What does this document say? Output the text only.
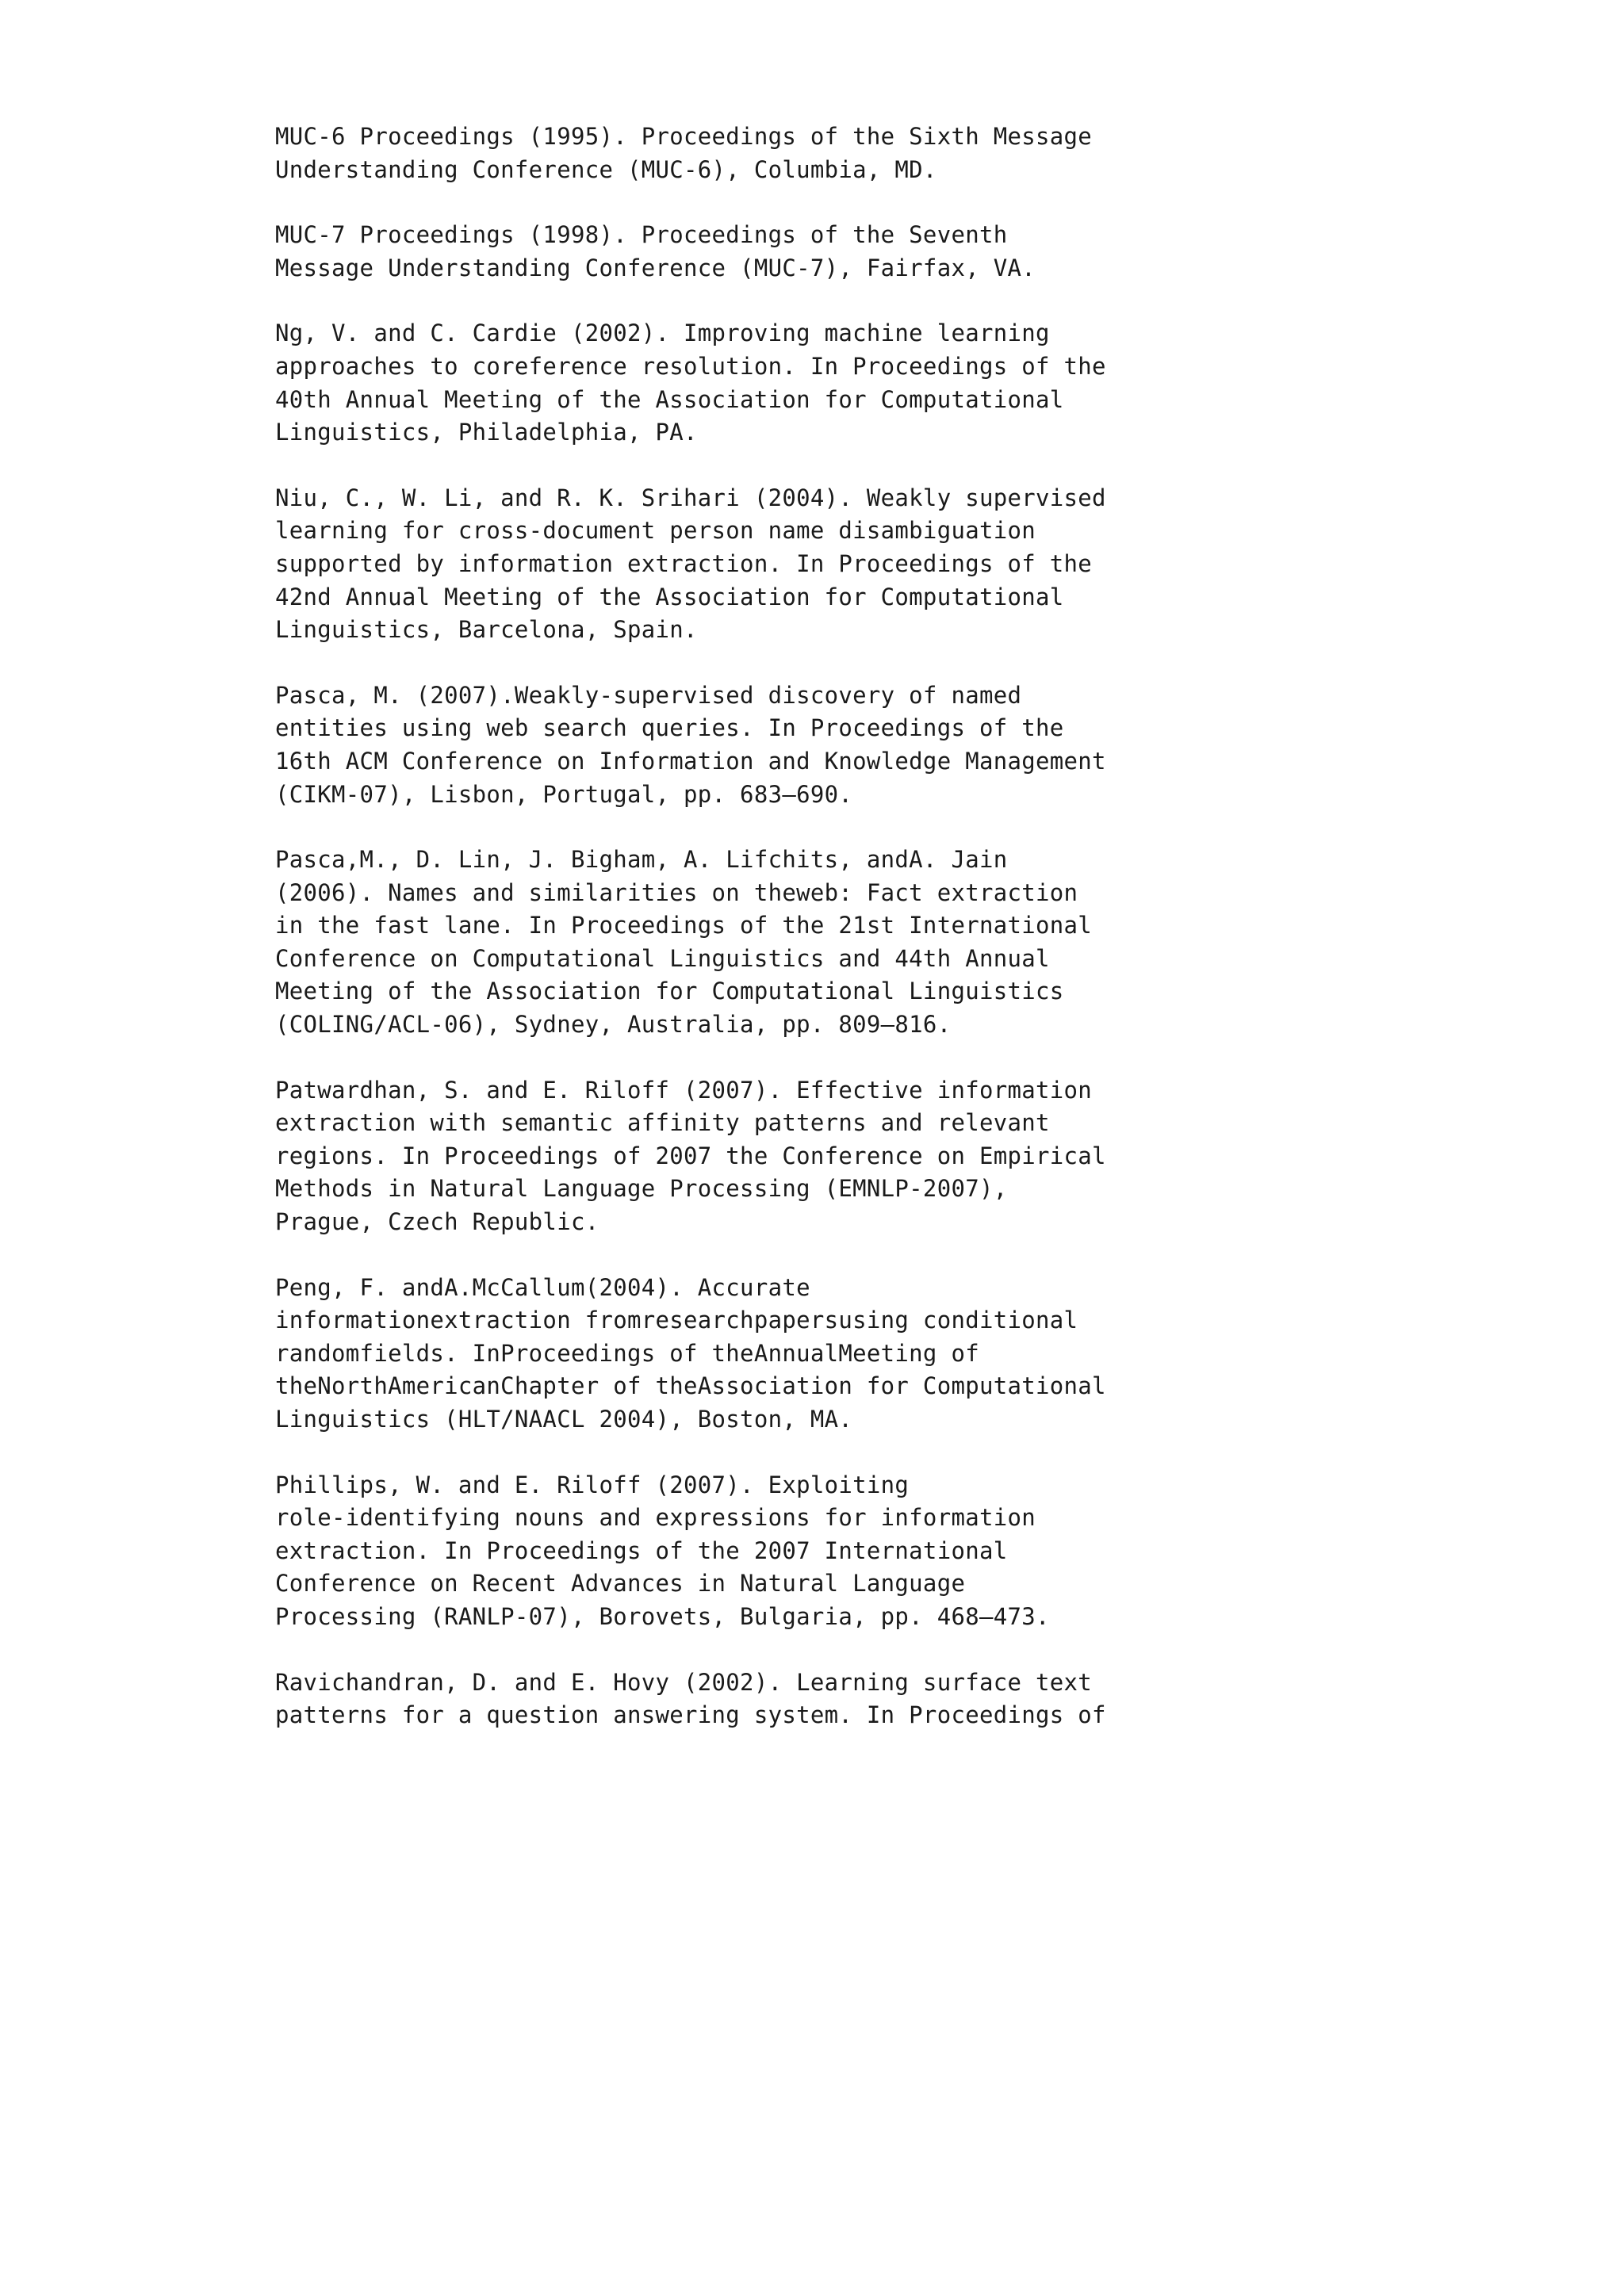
MUC-6 Proceedings (1995). Proceedings of the Sixth Message
Understanding Conference (MUC-6), Columbia, MD.
MUC-7 Proceedings (1998). Proceedings of the Seventh
Message Understanding Conference (MUC-7), Fairfax, VA.
Ng, V. and C. Cardie (2002). Improving machine learning
approaches to coreference resolution. In Proceedings of the
40th Annual Meeting of the Association for Computational
Linguistics, Philadelphia, PA.
Niu, C., W. Li, and R. K. Srihari (2004). Weakly supervised
learning for cross-document person name disambiguation
supported by information extraction. In Proceedings of the
42nd Annual Meeting of the Association for Computational
Linguistics, Barcelona, Spain.
Pasca, M. (2007).Weakly-supervised discovery of named
entities using web search queries. In Proceedings of the
16th ACM Conference on Information and Knowledge Management
(CIKM-07), Lisbon, Portugal, pp. 683–690.
Pasca,M., D. Lin, J. Bigham, A. Lifchits, andA. Jain
(2006). Names and similarities on theweb: Fact extraction
in the fast lane. In Proceedings of the 21st International
Conference on Computational Linguistics and 44th Annual
Meeting of the Association for Computational Linguistics
(COLING/ACL-06), Sydney, Australia, pp. 809–816.
Patwardhan, S. and E. Riloff (2007). Effective information
extraction with semantic affinity patterns and relevant
regions. In Proceedings of 2007 the Conference on Empirical
Methods in Natural Language Processing (EMNLP-2007),
Prague, Czech Republic.
Peng, F. andA.McCallum(2004). Accurate
informationextraction fromresearchpapersusing conditional
randomfields. InProceedings of theAnnualMeeting of
theNorthAmericanChapter of theAssociation for Computational
Linguistics (HLT/NAACL 2004), Boston, MA.
Phillips, W. and E. Riloff (2007). Exploiting
role-identifying nouns and expressions for information
extraction. In Proceedings of the 2007 International
Conference on Recent Advances in Natural Language
Processing (RANLP-07), Borovets, Bulgaria, pp. 468–473.
Ravichandran, D. and E. Hovy (2002). Learning surface text
patterns for a question answering system. In Proceedings of
